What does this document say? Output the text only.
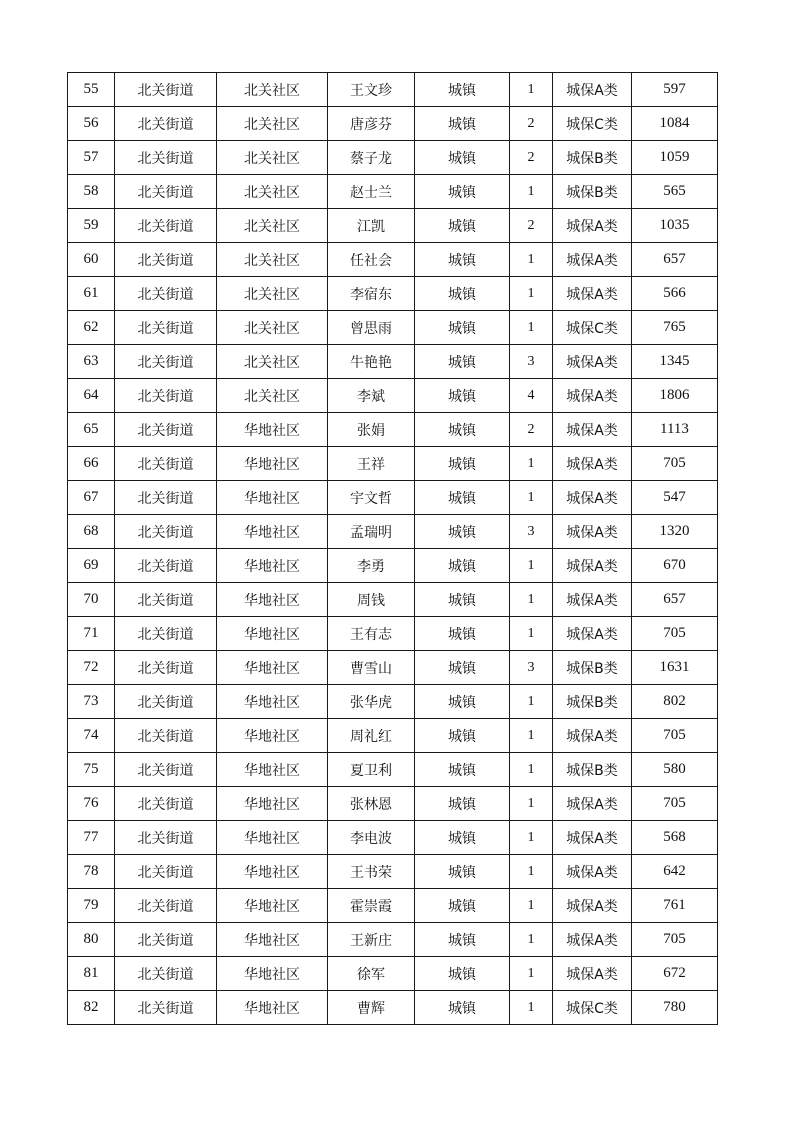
55	北关街道	北关社区	王文珍	城镇	1	城保A类	597
56	北关街道	北关社区	唐彦芬	城镇	2	城保C类	1084
57	北关街道	北关社区	蔡子龙	城镇	2	城保B类	1059
58	北关街道	北关社区	赵士兰	城镇	1	城保B类	565
59	北关街道	北关社区	江凯	城镇	2	城保A类	1035
60	北关街道	北关社区	任社会	城镇	1	城保A类	657
61	北关街道	北关社区	李宿东	城镇	1	城保A类	566
62	北关街道	北关社区	曾思雨	城镇	1	城保C类	765
63	北关街道	北关社区	牛艳艳	城镇	3	城保A类	1345
64	北关街道	北关社区	李斌	城镇	4	城保A类	1806
65	北关街道	华地社区	张娟	城镇	2	城保A类	1113
66	北关街道	华地社区	王祥	城镇	1	城保A类	705
67	北关街道	华地社区	宇文哲	城镇	1	城保A类	547
68	北关街道	华地社区	孟瑞明	城镇	3	城保A类	1320
69	北关街道	华地社区	李勇	城镇	1	城保A类	670
70	北关街道	华地社区	周钱	城镇	1	城保A类	657
71	北关街道	华地社区	王有志	城镇	1	城保A类	705
72	北关街道	华地社区	曹雪山	城镇	3	城保B类	1631
73	北关街道	华地社区	张华虎	城镇	1	城保B类	802
74	北关街道	华地社区	周礼红	城镇	1	城保A类	705
75	北关街道	华地社区	夏卫利	城镇	1	城保B类	580
76	北关街道	华地社区	张林恩	城镇	1	城保A类	705
77	北关街道	华地社区	李电波	城镇	1	城保A类	568
78	北关街道	华地社区	王书荣	城镇	1	城保A类	642
79	北关街道	华地社区	霍崇霞	城镇	1	城保A类	761
80	北关街道	华地社区	王新庄	城镇	1	城保A类	705
81	北关街道	华地社区	徐军	城镇	1	城保A类	672
82	北关街道	华地社区	曹辉	城镇	1	城保C类	780
